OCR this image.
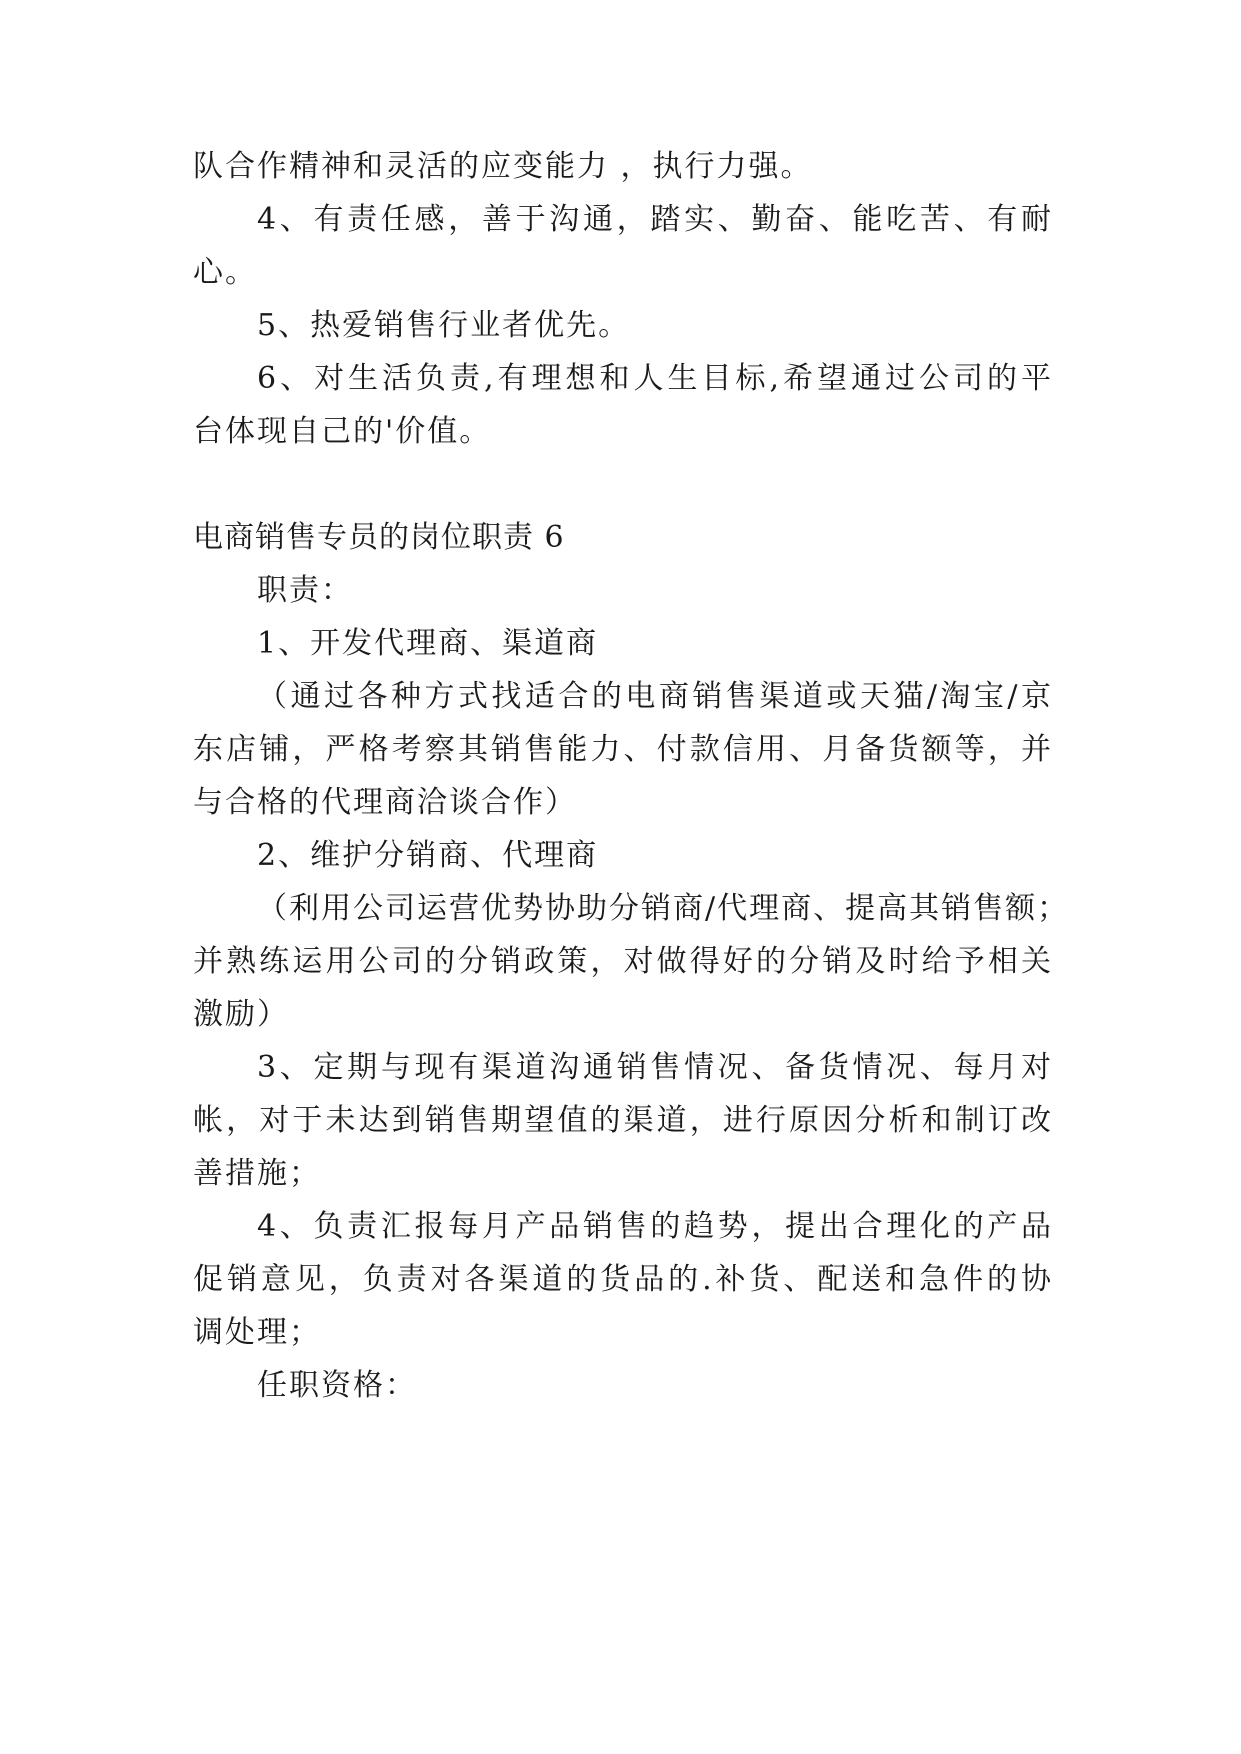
队合作精神和灵活的应变能力 ，执行力强。
4、有责任感，善于沟通，踏实、勤奋、能吃苦、有耐
心。
5、热爱销售行业者优先。
6、对生活负责,有理想和人生目标,希望通过公司的平
台体现自己的'价值。
电商销售专员的岗位职责 6
职责：
1、开发代理商、渠道商
（通过各种方式找适合的电商销售渠道或天猫/淘宝/京
东店铺，严格考察其销售能力、付款信用、月备货额等，并
与合格的代理商洽谈合作）
2、维护分销商、代理商
（利用公司运营优势协助分销商/代理商、提高其销售额；
并熟练运用公司的分销政策，对做得好的分销及时给予相关
激励）
3、定期与现有渠道沟通销售情况、备货情况、每月对
帐，对于未达到销售期望值的渠道，进行原因分析和制订改
善措施；
4、负责汇报每月产品销售的趋势，提出合理化的产品
促销意见，负责对各渠道的货品的.补货、配送和急件的协
调处理；
任职资格：
